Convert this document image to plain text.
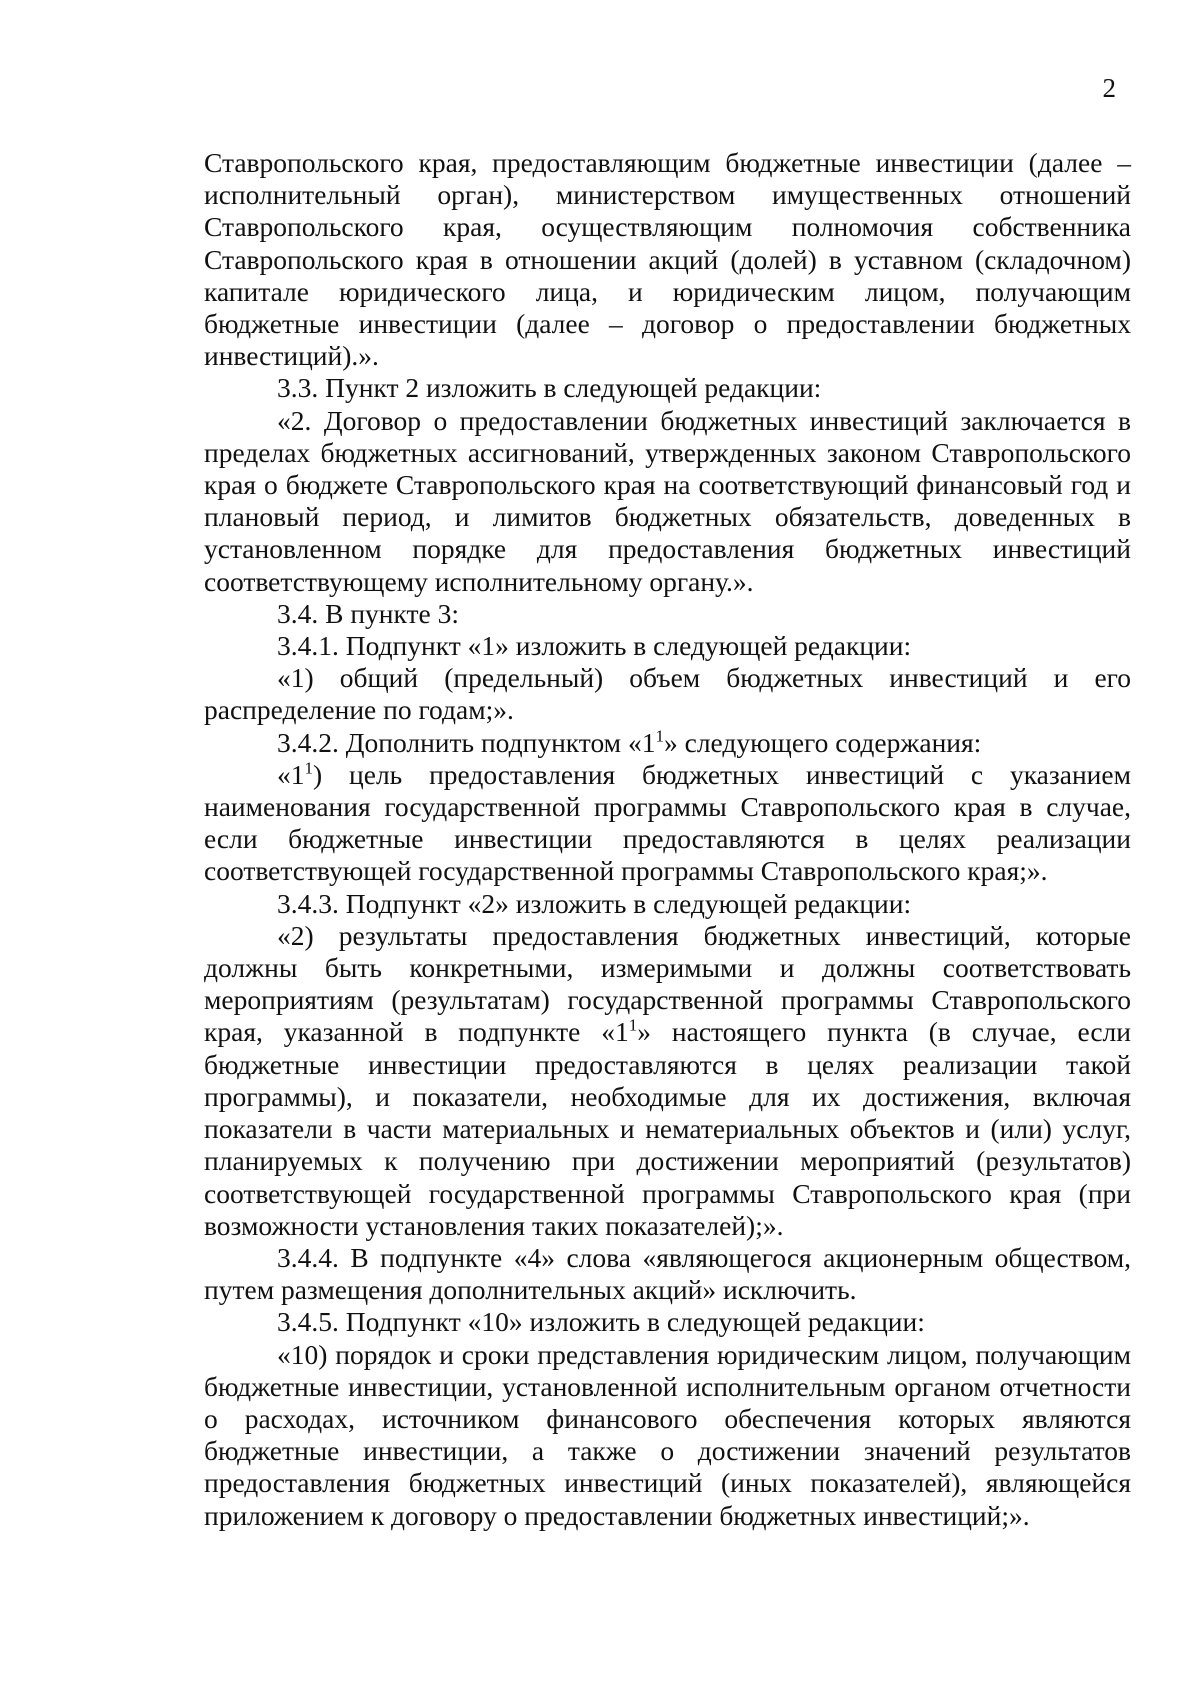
2

Ставропольского края, предоставляющим бюджетные инвестиции (далее – исполнительный орган), министерством имущественных отношений Ставропольского края, осуществляющим полномочия собственника Ставропольского края в отношении акций (долей) в уставном (складочном) капитале юридического лица, и юридическим лицом, получающим бюджетные инвестиции (далее – договор о предоставлении бюджетных инвестиций).».

3.3. Пункт 2 изложить в следующей редакции:

«2. Договор о предоставлении бюджетных инвестиций заключается в пределах бюджетных ассигнований, утвержденных законом Ставропольского края о бюджете Ставропольского края на соответствующий финансовый год и плановый период, и лимитов бюджетных обязательств, доведенных в установленном порядке для предоставления бюджетных инвестиций соответствующему исполнительному органу.».

3.4. В пункте 3:

3.4.1. Подпункт «1» изложить в следующей редакции:

«1) общий (предельный) объем бюджетных инвестиций и его распределение по годам;».

3.4.2. Дополнить подпунктом «$1^1$» следующего содержания:

«$1^1$) цель предоставления бюджетных инвестиций с указанием наименования государственной программы Ставропольского края в случае, если бюджетные инвестиции предоставляются в целях реализации соответствующей государственной программы Ставропольского края;».

3.4.3. Подпункт «2» изложить в следующей редакции:

«2) результаты предоставления бюджетных инвестиций, которые должны быть конкретными, измеримыми и должны соответствовать мероприятиям (результатам) государственной программы Ставропольского края, указанной в подпункте «$1^1$» настоящего пункта (в случае, если бюджетные инвестиции предоставляются в целях реализации такой программы), и показатели, необходимые для их достижения, включая показатели в части материальных и нематериальных объектов и (или) услуг, планируемых к получению при достижении мероприятий (результатов) соответствующей государственной программы Ставропольского края (при возможности установления таких показателей);».

3.4.4. В подпункте «4» слова «являющегося акционерным обществом, путем размещения дополнительных акций» исключить.

3.4.5. Подпункт «10» изложить в следующей редакции:

«10) порядок и сроки представления юридическим лицом, получающим бюджетные инвестиции, установленной исполнительным органом отчетности о расходах, источником финансового обеспечения которых являются бюджетные инвестиции, а также о достижении значений результатов предоставления бюджетных инвестиций (иных показателей), являющейся приложением к договору о предоставлении бюджетных инвестиций;».
